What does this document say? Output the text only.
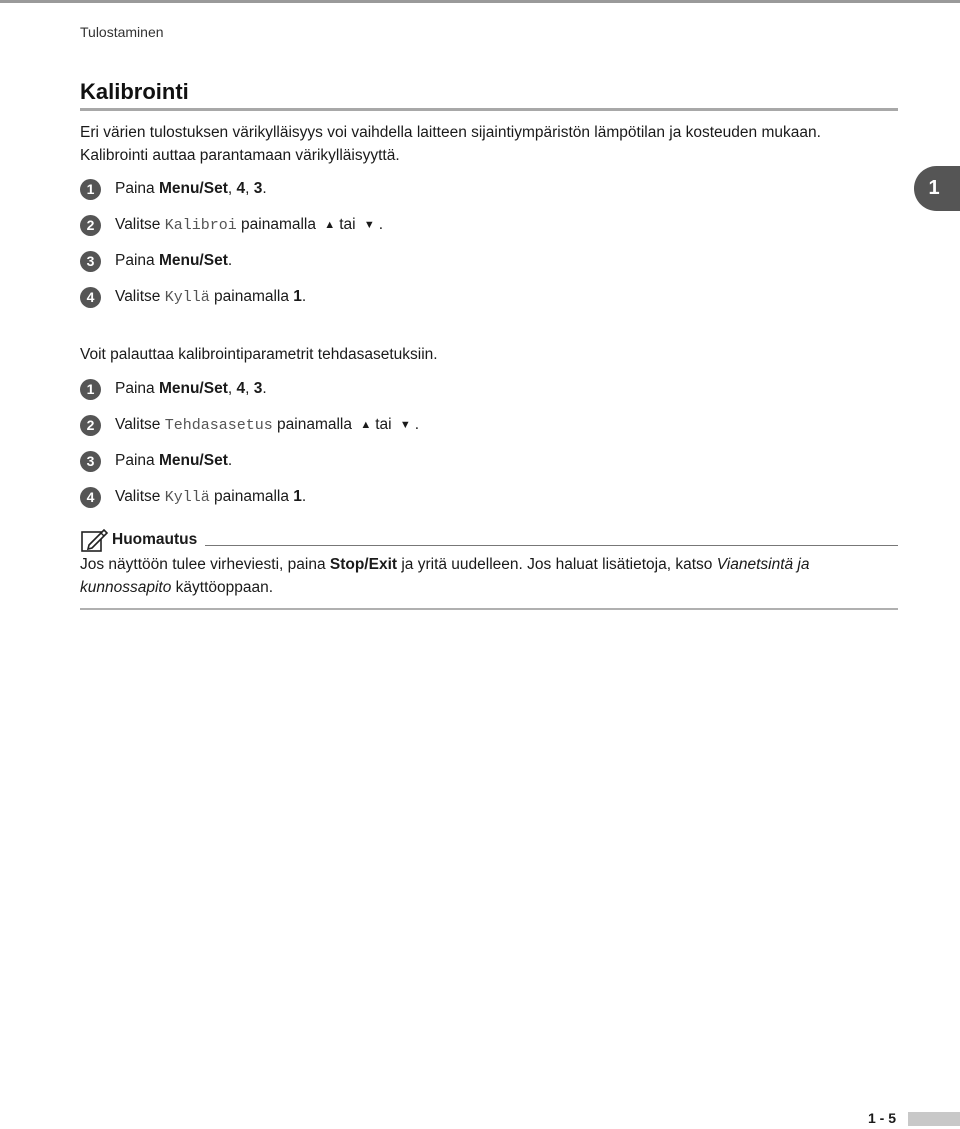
Tulostaminen
Kalibrointi
1

Eri värien tulostuksen värikylläisyys voi vaihdella laitteen sijaintiympäristön lämpötilan ja kosteuden mukaan.
Kalibrointi auttaa parantamaan värikylläisyyttä.

1	Paina
Menu/Set ,
4 ,
3 .
2	Valitse
Kalibroi
painamalla
▲ tai
▼ .
3	Paina
Menu/Set .
4	Valitse
Kyllä
painamalla
1 .

Voit palauttaa kalibrointiparametrit tehdasasetuksiin.

1	Paina
Menu/Set ,
4 ,
3 .
2	Valitse
Tehdasasetus
painamalla
▲ tai
▼ .
3	Paina
Menu/Set .
4	Valitse
Kyllä
painamalla
1 .
Huomautus

Jos näyttöön tulee virheviesti, paina Stop/Exit ja yritä uudelleen. Jos haluat lisätietoja, katso Vianetsintä ja kunnossapito käyttöoppaan.

1 - 5
